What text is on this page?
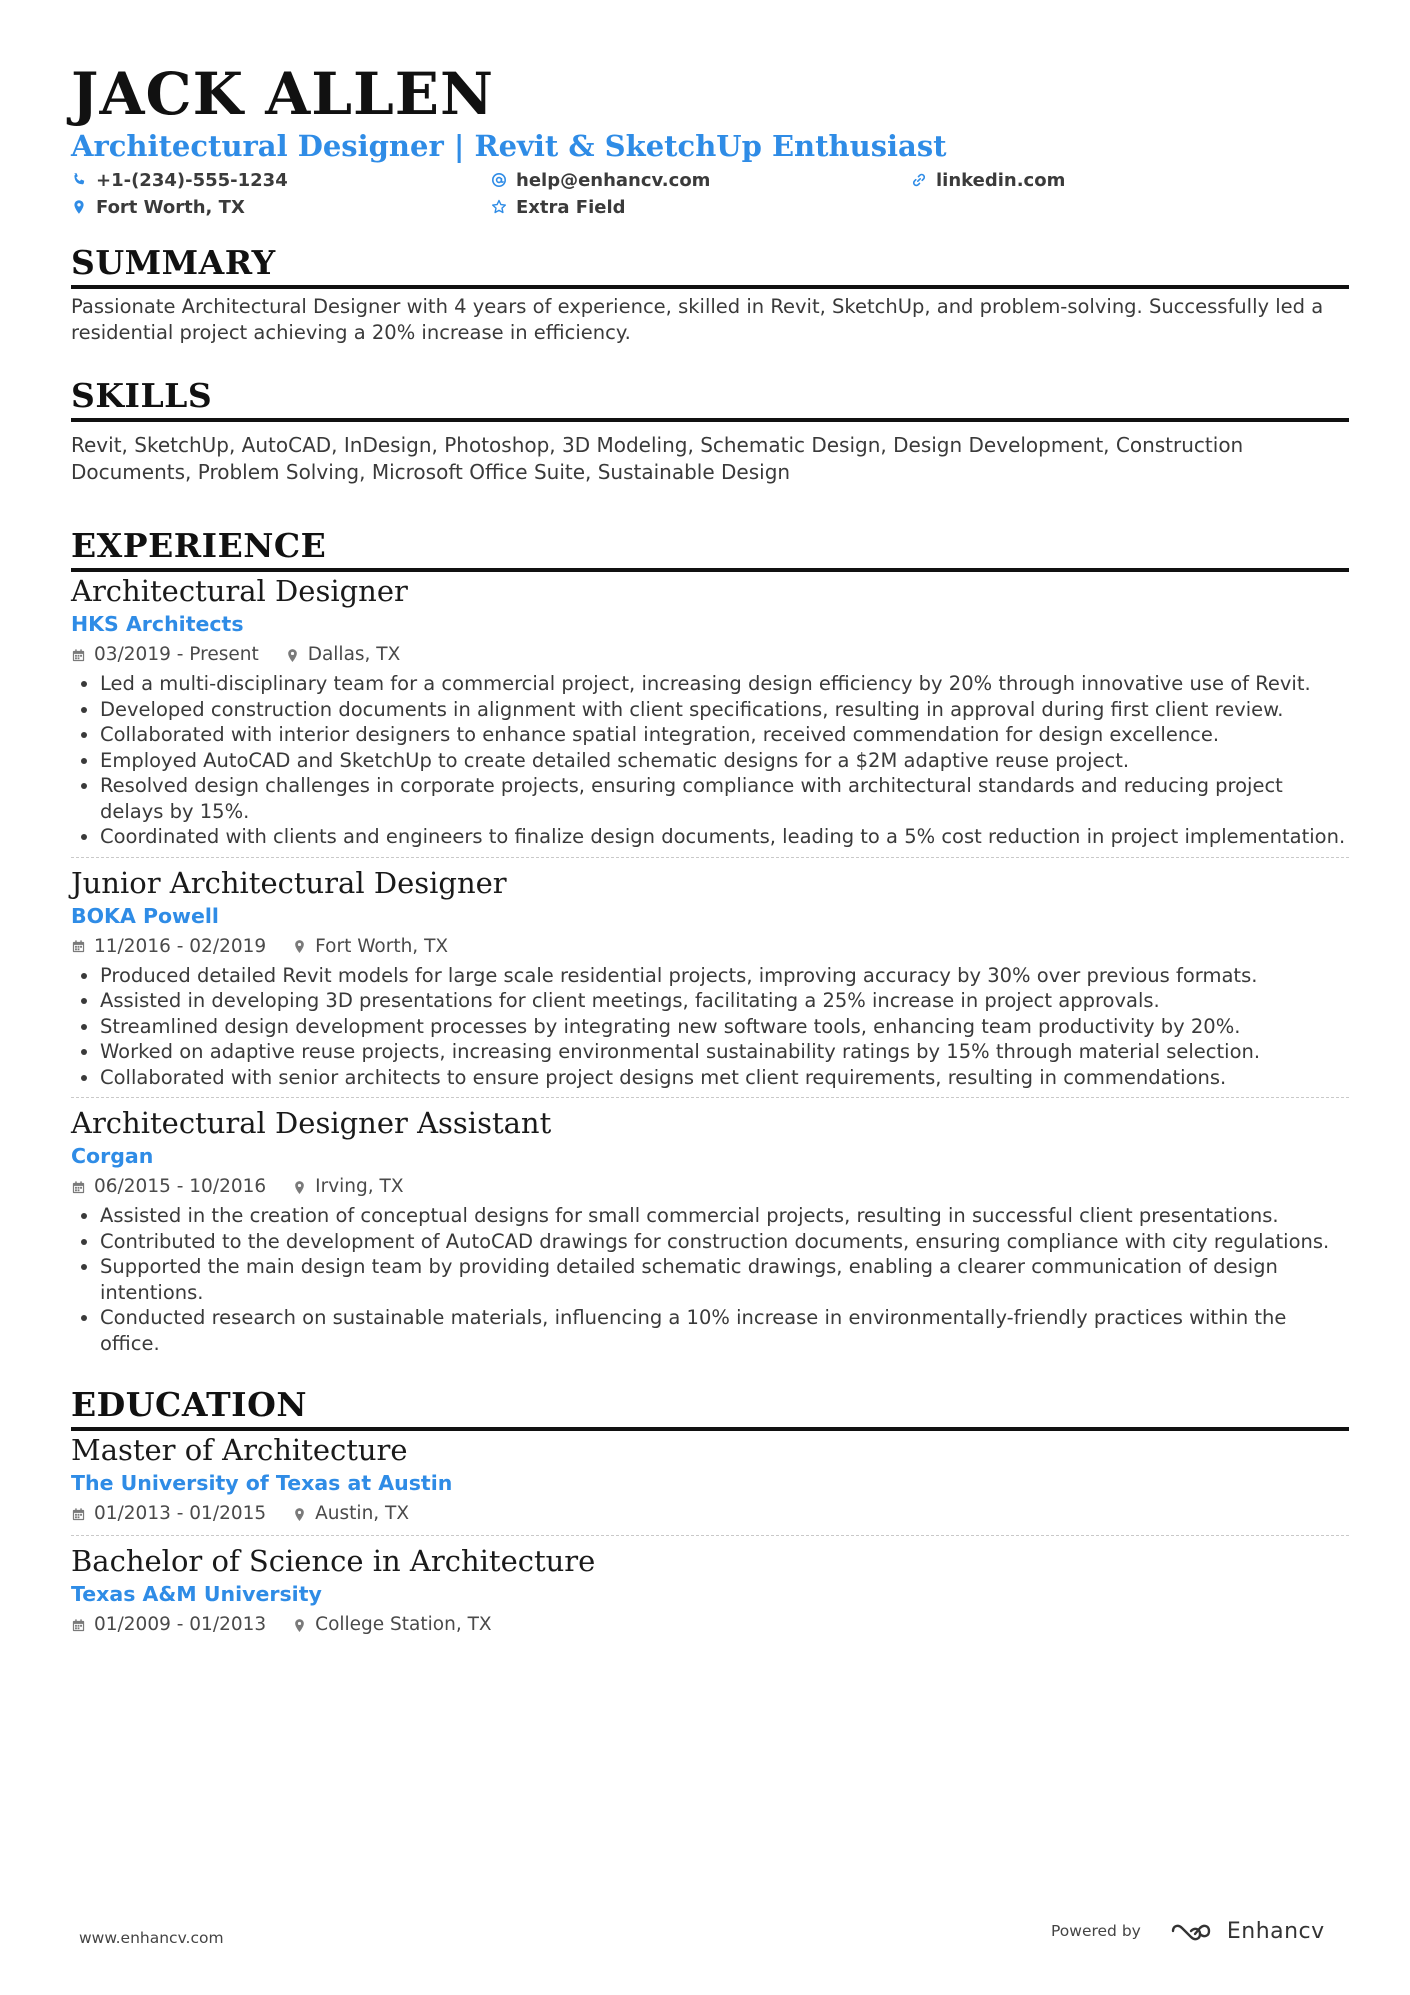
JACK ALLEN
Architectural Designer | Revit & SketchUp Enthusiast
+1-(234)-555-1234	help@enhancv.com	linkedin.com
Fort Worth, TX	Extra Field
SUMMARY
Passionate Architectural Designer with 4 years of experience, skilled in Revit, SketchUp, and problem-solving. Successfully led a residential project achieving a 20% increase in efficiency.
SKILLS
Revit, SketchUp, AutoCAD, InDesign, Photoshop, 3D Modeling, Schematic Design, Design Development, Construction Documents, Problem Solving, Microsoft Office Suite, Sustainable Design
EXPERIENCE
Architectural Designer
HKS Architects
03/2019 - Present	Dallas, TX
• Led a multi-disciplinary team for a commercial project, increasing design efficiency by 20% through innovative use of Revit.
• Developed construction documents in alignment with client specifications, resulting in approval during first client review.
• Collaborated with interior designers to enhance spatial integration, received commendation for design excellence.
• Employed AutoCAD and SketchUp to create detailed schematic designs for a $2M adaptive reuse project.
• Resolved design challenges in corporate projects, ensuring compliance with architectural standards and reducing project delays by 15%.
• Coordinated with clients and engineers to finalize design documents, leading to a 5% cost reduction in project implementation.
Junior Architectural Designer
BOKA Powell
11/2016 - 02/2019	Fort Worth, TX
• Produced detailed Revit models for large scale residential projects, improving accuracy by 30% over previous formats.
• Assisted in developing 3D presentations for client meetings, facilitating a 25% increase in project approvals.
• Streamlined design development processes by integrating new software tools, enhancing team productivity by 20%.
• Worked on adaptive reuse projects, increasing environmental sustainability ratings by 15% through material selection.
• Collaborated with senior architects to ensure project designs met client requirements, resulting in commendations.
Architectural Designer Assistant
Corgan
06/2015 - 10/2016	Irving, TX
• Assisted in the creation of conceptual designs for small commercial projects, resulting in successful client presentations.
• Contributed to the development of AutoCAD drawings for construction documents, ensuring compliance with city regulations.
• Supported the main design team by providing detailed schematic drawings, enabling a clearer communication of design intentions.
• Conducted research on sustainable materials, influencing a 10% increase in environmentally-friendly practices within the office.
EDUCATION
Master of Architecture
The University of Texas at Austin
01/2013 - 01/2015	Austin, TX
Bachelor of Science in Architecture
Texas A&M University
01/2009 - 01/2013	College Station, TX
www.enhancv.com	Powered by	Enhancv
